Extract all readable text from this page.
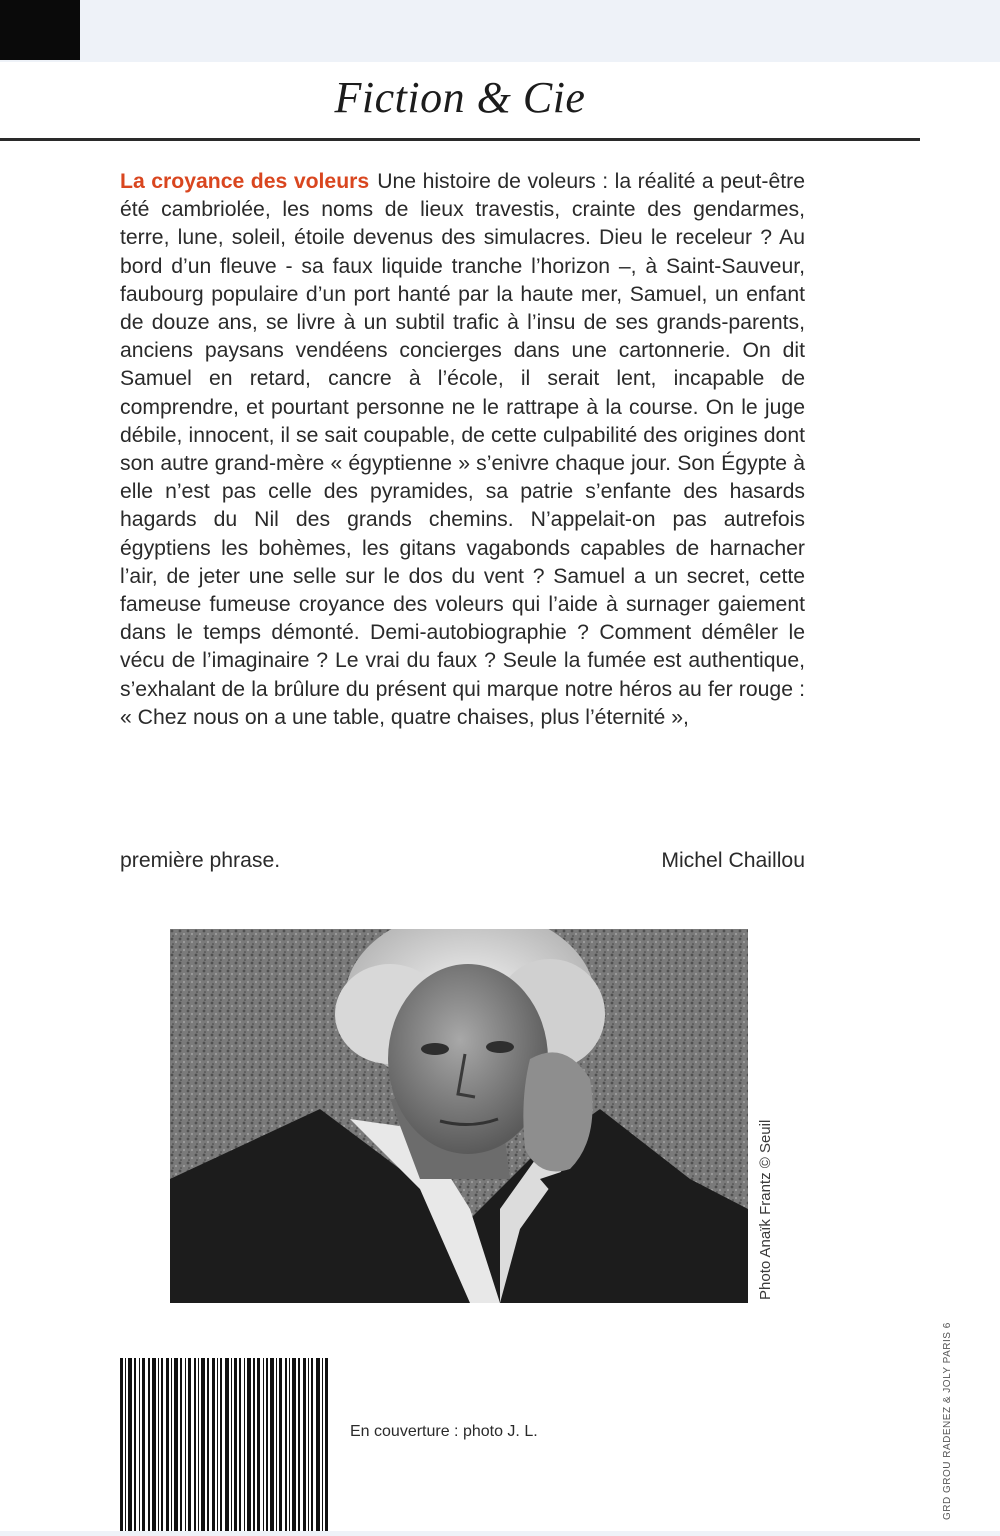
Fiction & Cie

La croyance des voleurs Une histoire de voleurs : la réalité a peut-être été cambriolée, les noms de lieux travestis, crainte des gendarmes, terre, lune, soleil, étoile devenus des simulacres. Dieu le receleur ? Au bord d’un fleuve - sa faux liquide tranche l’horizon –, à Saint-Sauveur, faubourg populaire d’un port hanté par la haute mer, Samuel, un enfant de douze ans, se livre à un subtil trafic à l’insu de ses grands-parents, anciens paysans vendéens concierges dans une cartonnerie. On dit Samuel en retard, cancre à l’école, il serait lent, incapable de comprendre, et pourtant personne ne le rattrape à la course. On le juge débile, innocent, il se sait coupable, de cette culpabilité des origines dont son autre grand-mère « égyptienne » s’enivre chaque jour. Son Égypte à elle n’est pas celle des pyramides, sa patrie s’enfante des hasards hagards du Nil des grands chemins. N’appelait-on pas autrefois égyptiens les bohèmes, les gitans vagabonds capables de harnacher l’air, de jeter une selle sur le dos du vent ? Samuel a un secret, cette fameuse fumeuse croyance des voleurs qui l’aide à surnager gaiement dans le temps démonté. Demi-autobiographie ? Comment démêler le vécu de l’imaginaire ? Le vrai du faux ? Seule la fumée est authentique, s’exhalant de la brûlure du présent qui marque notre héros au fer rouge : « Chez nous on a une table, quatre chaises, plus l’éternité »,

première phrase.	Michel Chaillou
Photo Anaïk Frantz © Seuil
En couverture : photo J. L.	GRD GROU RADENEZ & JOLY PARIS 6
